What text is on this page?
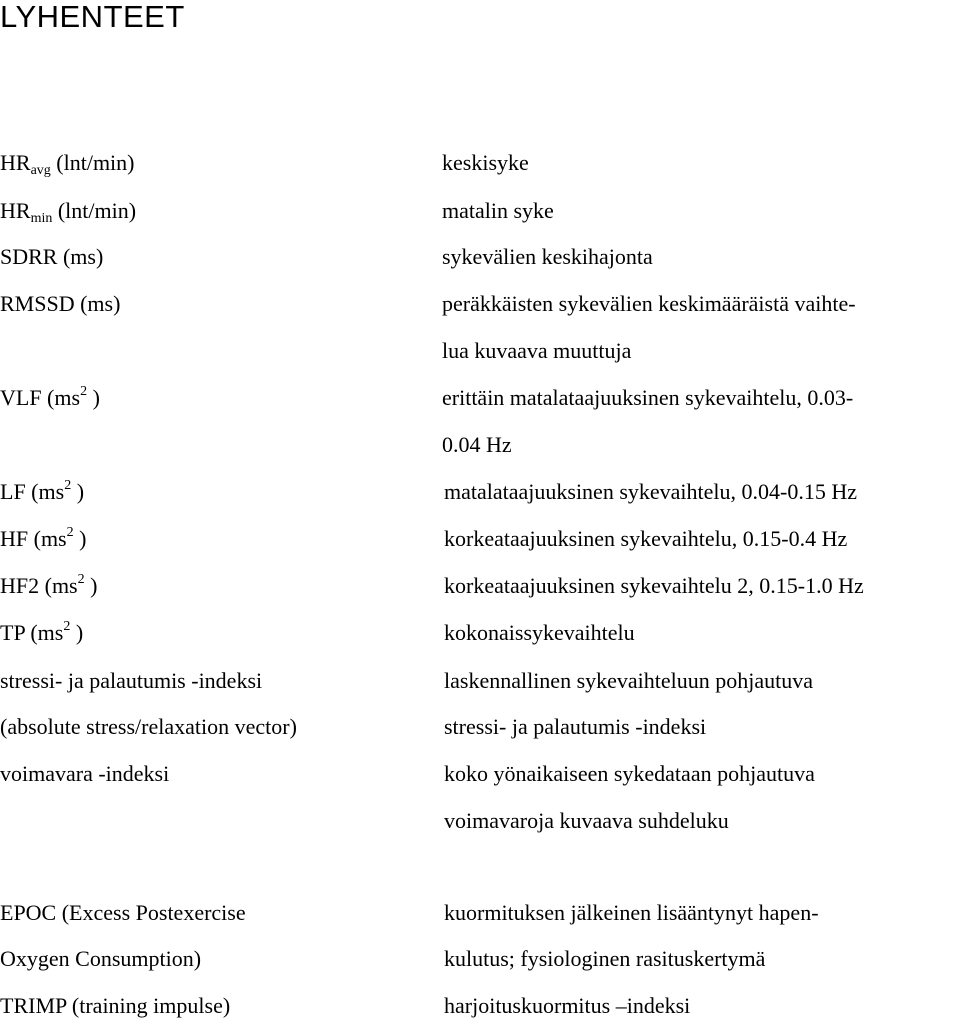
LYHENTEET
$HR_{avg}$ (lnt/min)	keskisyke
$HR_{min}$ (lnt/min)	matalin syke
SDRR (ms)	sykevälien keskihajonta
RMSSD (ms)	peräkkäisten sykevälien keskimääräistä vaihte-
lua kuvaava muuttuja
VLF ($ms^2$ )	erittäin matalataajuuksinen sykevaihtelu, 0.03-
0.04 Hz
LF ($ms^2$ )	matalataajuuksinen sykevaihtelu, 0.04-0.15 Hz
HF ($ms^2$ )	korkeataajuuksinen sykevaihtelu, 0.15-0.4 Hz
HF2 ($ms^2$ )	korkeataajuuksinen sykevaihtelu 2, 0.15-1.0 Hz
TP ($ms^2$ )	kokonaissykevaihtelu
stressi- ja palautumis -indeksi	laskennallinen sykevaihteluun pohjautuva
(absolute stress/relaxation vector)	stressi- ja palautumis -indeksi
voimavara -indeksi	koko yönaikaiseen sykedataan pohjautuva
voimavaroja kuvaava suhdeluku
EPOC (Excess Postexercise	kuormituksen jälkeinen lisääntynyt hapen-
Oxygen Consumption)	kulutus; fysiologinen rasituskertymä
TRIMP (training impulse)	harjoituskuormitus –indeksi
